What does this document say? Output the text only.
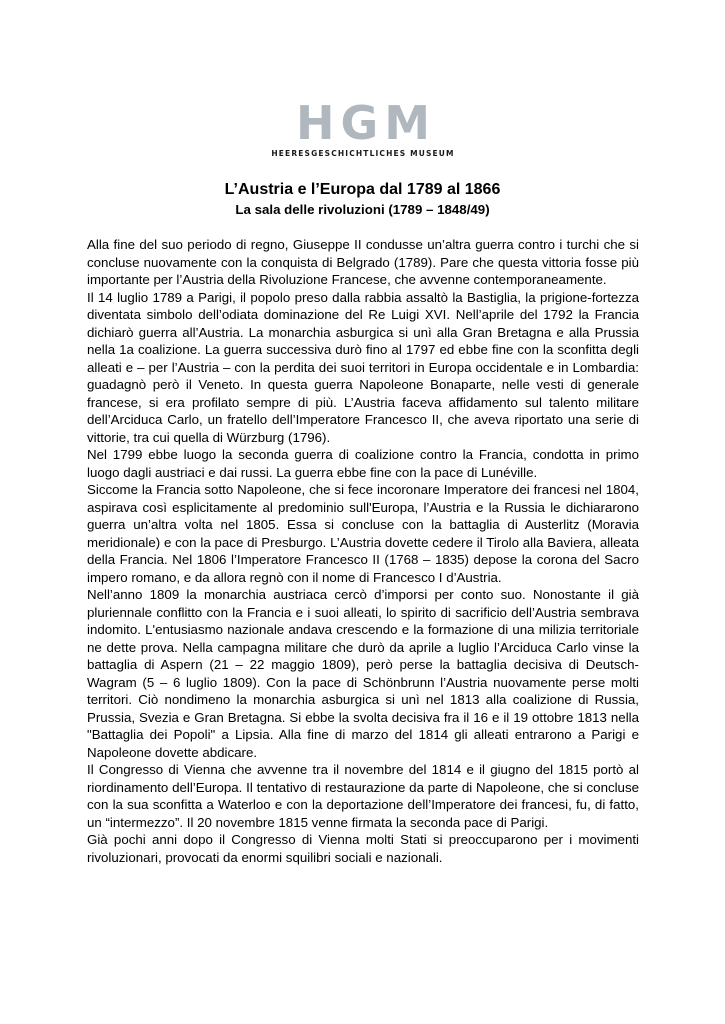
HGM
HEERESGESCHICHTLICHES MUSEUM
L’Austria e l’Europa dal 1789 al 1866
La sala delle rivoluzioni (1789 – 1848/49)

Alla fine del suo periodo di regno, Giuseppe II condusse un’altra guerra contro i turchi che si concluse nuovamente con la conquista di Belgrado (1789). Pare che questa vittoria fosse più importante per l’Austria della Rivoluzione Francese, che avvenne contemporaneamente.

Il 14 luglio 1789 a Parigi, il popolo preso dalla rabbia assaltò la Bastiglia, la prigione-fortezza diventata simbolo dell’odiata dominazione del Re Luigi XVI. Nell’aprile del 1792 la Francia dichiarò guerra all’Austria. La monarchia asburgica si unì alla Gran Bretagna e alla Prussia nella 1a coalizione. La guerra successiva durò fino al 1797 ed ebbe fine con la sconfitta degli alleati e – per l’Austria – con la perdita dei suoi territori in Europa occidentale e in Lombardia: guadagnò però il Veneto. In questa guerra Napoleone Bonaparte, nelle vesti di generale francese, si era profilato sempre di più. L’Austria faceva affidamento sul talento militare dell’Arciduca Carlo, un fratello dell’Imperatore Francesco II, che aveva riportato una serie di vittorie, tra cui quella di Würzburg (1796).

Nel 1799 ebbe luogo la seconda guerra di coalizione contro la Francia, condotta in primo luogo dagli austriaci e dai russi. La guerra ebbe fine con la pace di Lunéville.

Siccome la Francia sotto Napoleone, che si fece incoronare Imperatore dei francesi nel 1804, aspirava così esplicitamente al predominio sull'Europa, l’Austria e la Russia le dichiararono guerra un’altra volta nel 1805. Essa si concluse con la battaglia di Austerlitz (Moravia meridionale) e con la pace di Presburgo. L’Austria dovette cedere il Tirolo alla Baviera, alleata della Francia. Nel 1806 l’Imperatore Francesco II (1768 – 1835) depose la corona del Sacro impero romano, e da allora regnò con il nome di Francesco I d’Austria.

Nell’anno 1809 la monarchia austriaca cercò d’imporsi per conto suo. Nonostante il già pluriennale conflitto con la Francia e i suoi alleati, lo spirito di sacrificio dell’Austria sembrava indomito. L'entusiasmo nazionale andava crescendo e la formazione di una milizia territoriale ne dette prova. Nella campagna militare che durò da aprile a luglio l’Arciduca Carlo vinse la battaglia di Aspern (21 – 22 maggio 1809), però perse la battaglia decisiva di Deutsch-Wagram (5 – 6 luglio 1809). Con la pace di Schönbrunn l’Austria nuovamente perse molti territori. Ciò nondimeno la monarchia asburgica si unì nel 1813 alla coalizione di Russia, Prussia, Svezia e Gran Bretagna. Si ebbe la svolta decisiva fra il 16 e il 19 ottobre 1813 nella "Battaglia dei Popoli" a Lipsia. Alla fine di marzo del 1814 gli alleati entrarono a Parigi e Napoleone dovette abdicare.

Il Congresso di Vienna che avvenne tra il novembre del 1814 e il giugno del 1815 portò al riordinamento dell’Europa. Il tentativo di restaurazione da parte di Napoleone, che si concluse con la sua sconfitta a Waterloo e con la deportazione dell’Imperatore dei francesi, fu, di fatto, un “intermezzo”. Il 20 novembre 1815 venne firmata la seconda pace di Parigi.

Già pochi anni dopo il Congresso di Vienna molti Stati si preoccuparono per i movimenti rivoluzionari, provocati da enormi squilibri sociali e nazionali.
